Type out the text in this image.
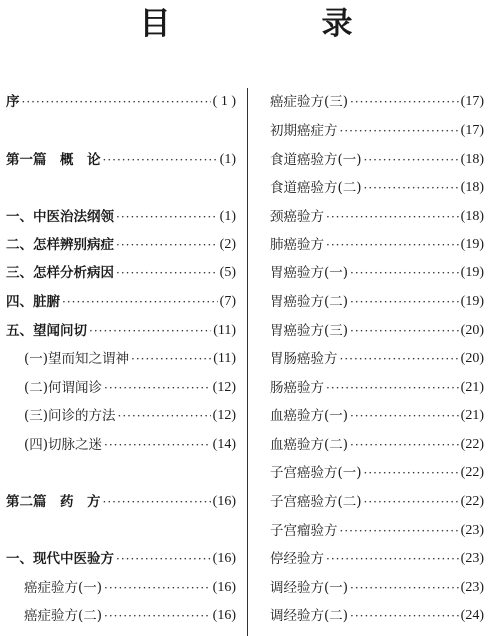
目　录
序 ·····	( 1 )
第一篇　概　论 ·····	(1)
一、中医治法纲领 ·····	(1)
二、怎样辨别病症 ·····	(2)
三、怎样分析病因 ·····	(5)
四、脏腑 ·····	(7)
五、望闻问切 ·····	(11)
(一)望而知之谓神 ·····	(11)
(二)何谓闻诊 ·····	(12)
(三)问诊的方法 ·····	(12)
(四)切脉之迷 ·····	(14)
第二篇　药　方 ·····	(16)
一、现代中医验方 ·····	(16)
癌症验方(一) ·····	(16)
癌症验方(二) ·····	(16)
癌症验方(三) ·····	(17)
初期癌症方 ·····	(17)
食道癌验方(一) ·····	(18)
食道癌验方(二) ·····	(18)
颈癌验方 ·····	(18)
肺癌验方 ·····	(19)
胃癌验方(一) ·····	(19)
胃癌验方(二) ·····	(19)
胃癌验方(三) ·····	(20)
胃肠癌验方 ·····	(20)
肠癌验方 ·····	(21)
血癌验方(一) ·····	(21)
血癌验方(二) ·····	(22)
子宫癌验方(一) ·····	(22)
子宫癌验方(二) ·····	(22)
子宫瘤验方 ·····	(23)
停经验方 ·····	(23)
调经验方(一) ·····	(23)
调经验方(二) ·····	(24)
